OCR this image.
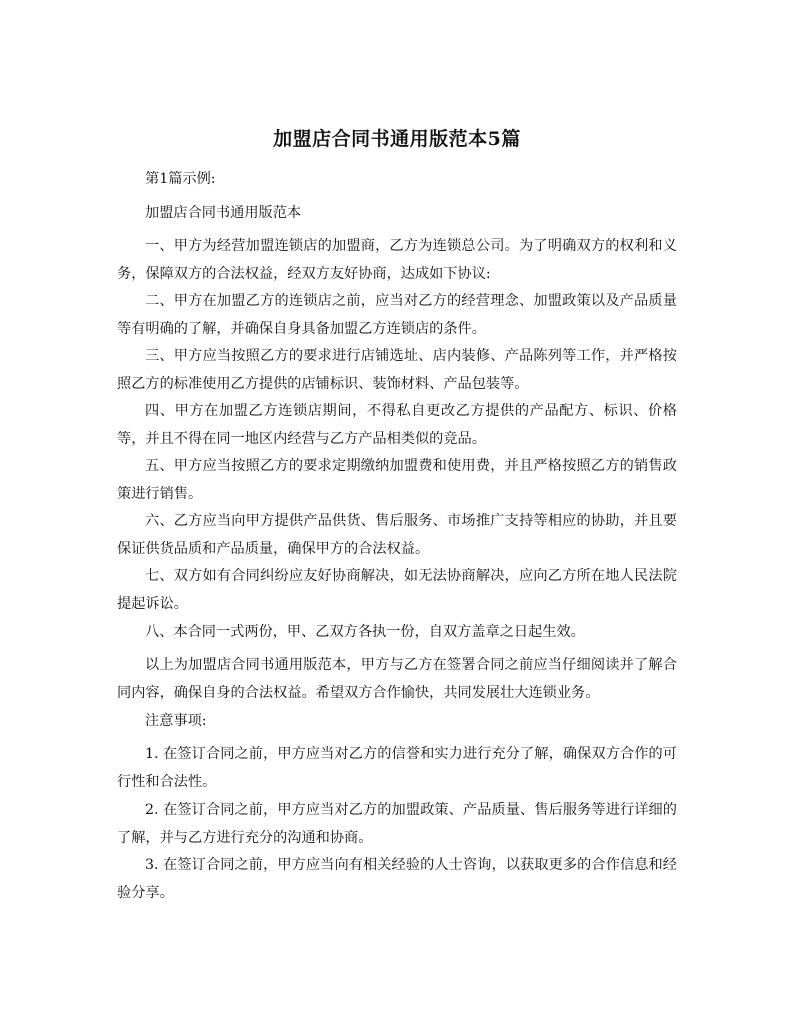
加盟店合同书通用版范本5篇

第1篇示例:

加盟店合同书通用版范本

一、甲方为经营加盟连锁店的加盟商，乙方为连锁总公司。为了明确双方的权利和义务，保障双方的合法权益，经双方友好协商，达成如下协议:

二、甲方在加盟乙方的连锁店之前，应当对乙方的经营理念、加盟政策以及产品质量等有明确的了解，并确保自身具备加盟乙方连锁店的条件。

三、甲方应当按照乙方的要求进行店铺选址、店内装修、产品陈列等工作，并严格按照乙方的标准使用乙方提供的店铺标识、装饰材料、产品包装等。

四、甲方在加盟乙方连锁店期间，不得私自更改乙方提供的产品配方、标识、价格等，并且不得在同一地区内经营与乙方产品相类似的竞品。

五、甲方应当按照乙方的要求定期缴纳加盟费和使用费，并且严格按照乙方的销售政策进行销售。

六、乙方应当向甲方提供产品供货、售后服务、市场推广支持等相应的协助，并且要保证供货品质和产品质量，确保甲方的合法权益。

七、双方如有合同纠纷应友好协商解决，如无法协商解决，应向乙方所在地人民法院提起诉讼。

八、本合同一式两份，甲、乙双方各执一份，自双方盖章之日起生效。

以上为加盟店合同书通用版范本，甲方与乙方在签署合同之前应当仔细阅读并了解合同内容，确保自身的合法权益。希望双方合作愉快，共同发展壮大连锁业务。

注意事项:

1. 在签订合同之前，甲方应当对乙方的信誉和实力进行充分了解，确保双方合作的可行性和合法性。

2. 在签订合同之前，甲方应当对乙方的加盟政策、产品质量、售后服务等进行详细的了解，并与乙方进行充分的沟通和协商。

3. 在签订合同之前，甲方应当向有相关经验的人士咨询，以获取更多的合作信息和经验分享。
